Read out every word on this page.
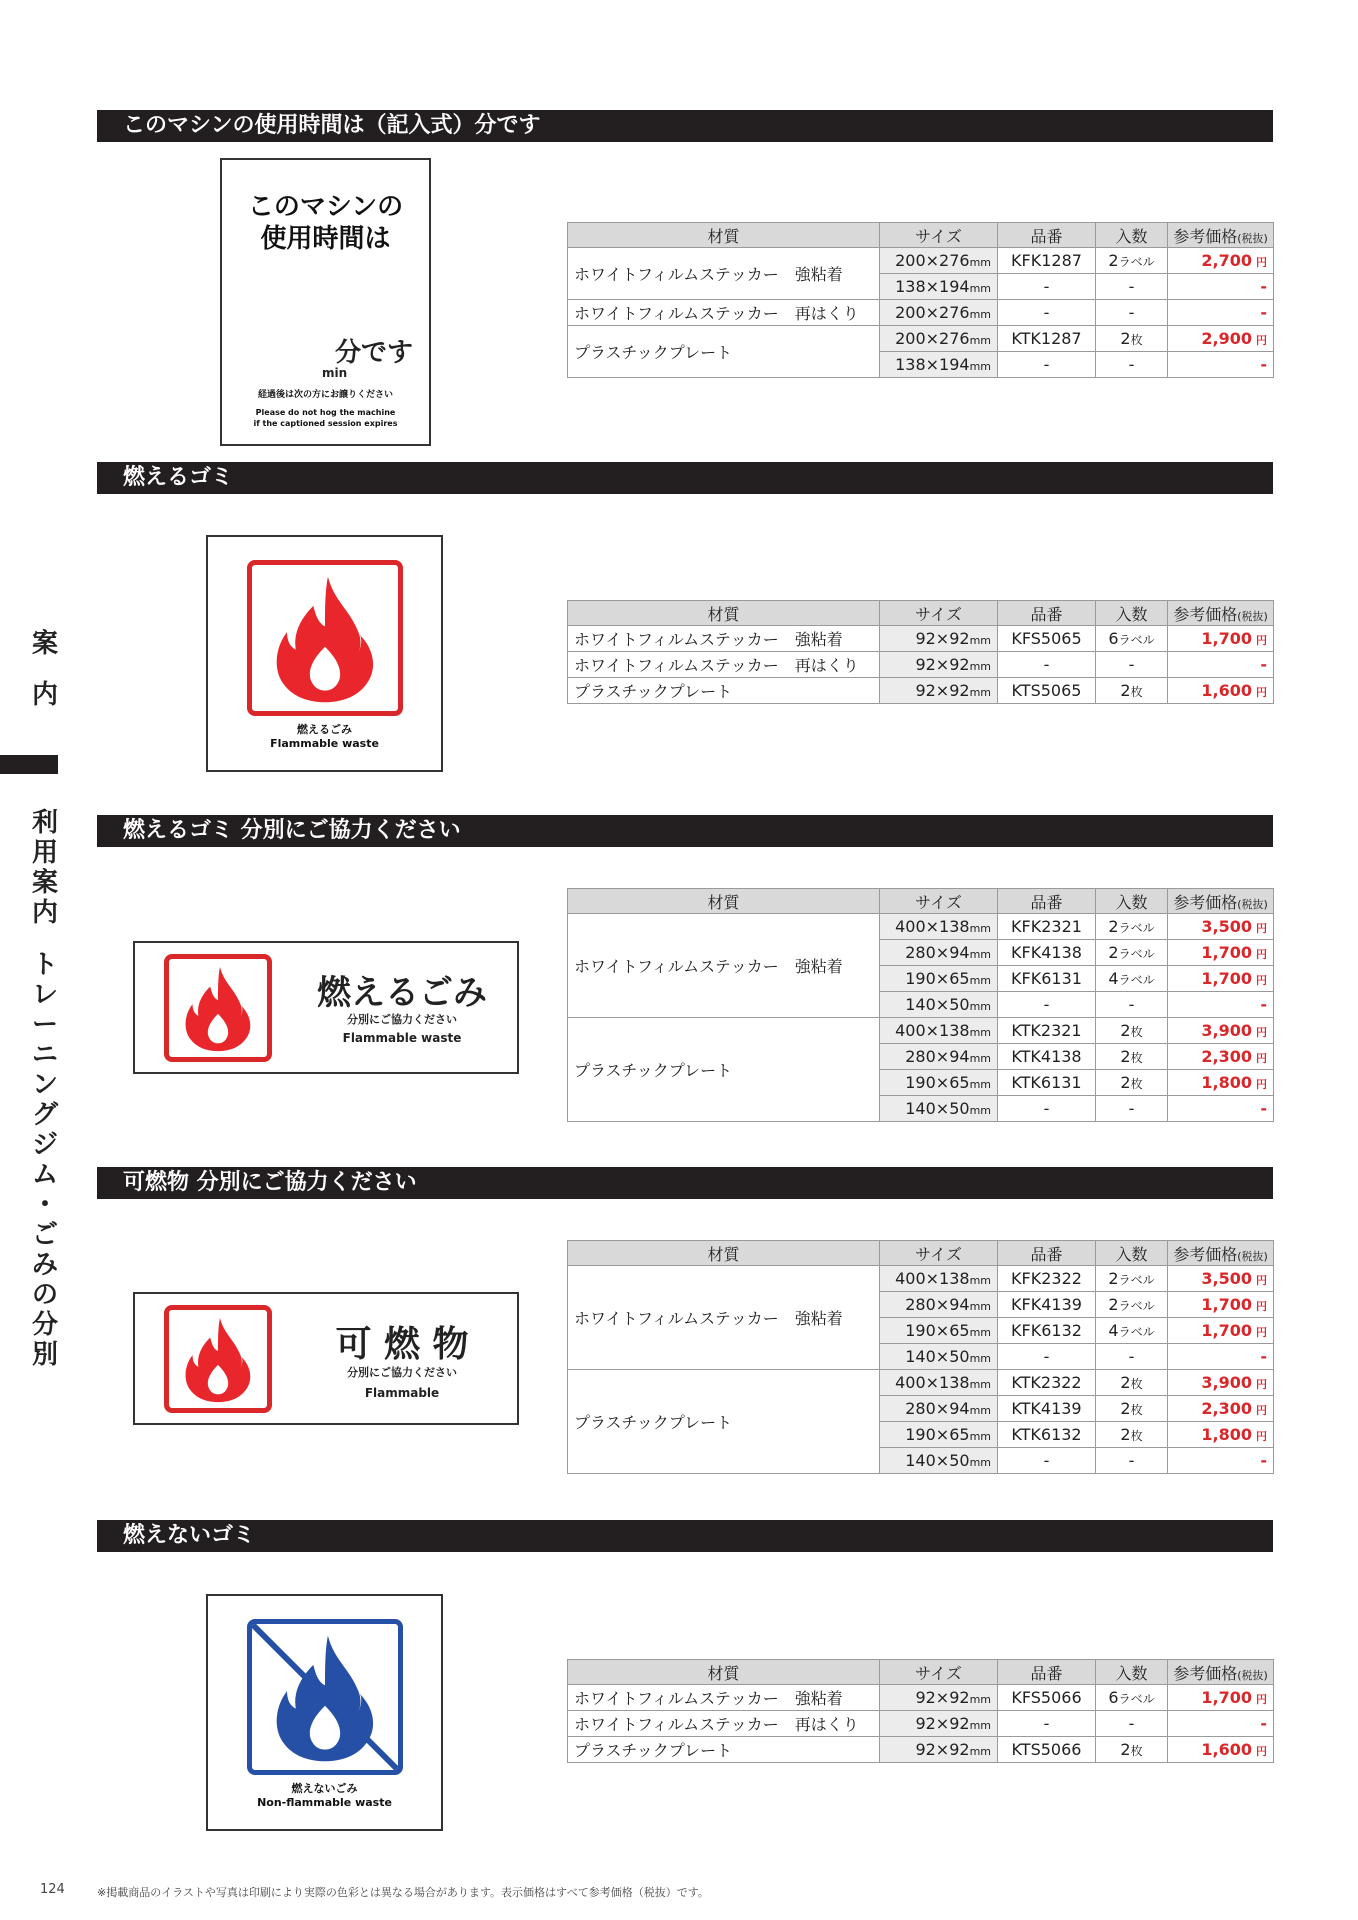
案
内
利
用
案
内
ト
レ
ー
ニ
ン
グ
ジ
ム
・
ご
み
の
分
別
このマシンの使用時間は（記入式）分です
このマシンの
使用時間は
分です
min
経過後は次の方にお譲りください
Please do not hog the machine
if the captioned session expires
材質	サイズ	品番	入数	参考価格(税抜)
ホワイトフィルムステッカー　強粘着	200×276mm	KFK1287	2ラベル	2,700 円
	138×194mm	-	-	-
ホワイトフィルムステッカー　再はくり	200×276mm	-	-	-
プラスチックプレート	200×276mm	KTK1287	2枚	2,900 円
	138×194mm	-	-	-
燃えるゴミ
燃えるごみ
Flammable waste
材質	サイズ	品番	入数	参考価格(税抜)
ホワイトフィルムステッカー　強粘着	92×92mm	KFS5065	6ラベル	1,700 円
ホワイトフィルムステッカー　再はくり	92×92mm	-	-	-
プラスチックプレート	92×92mm	KTS5065	2枚	1,600 円
燃えるゴミ 分別にご協力ください
燃えるごみ
分別にご協力ください
Flammable waste
材質	サイズ	品番	入数	参考価格(税抜)
ホワイトフィルムステッカー　強粘着	400×138mm	KFK2321	2ラベル	3,500 円
	280×94mm	KFK4138	2ラベル	1,700 円
	190×65mm	KFK6131	4ラベル	1,700 円
	140×50mm	-	-	-
プラスチックプレート	400×138mm	KTK2321	2枚	3,900 円
	280×94mm	KTK4138	2枚	2,300 円
	190×65mm	KTK6131	2枚	1,800 円
	140×50mm	-	-	-
可燃物 分別にご協力ください
可 燃 物
分別にご協力ください
Flammable
材質	サイズ	品番	入数	参考価格(税抜)
ホワイトフィルムステッカー　強粘着	400×138mm	KFK2322	2ラベル	3,500 円
	280×94mm	KFK4139	2ラベル	1,700 円
	190×65mm	KFK6132	4ラベル	1,700 円
	140×50mm	-	-	-
プラスチックプレート	400×138mm	KTK2322	2枚	3,900 円
	280×94mm	KTK4139	2枚	2,300 円
	190×65mm	KTK6132	2枚	1,800 円
	140×50mm	-	-	-
燃えないゴミ
燃えないごみ
Non-flammable waste
材質	サイズ	品番	入数	参考価格(税抜)
ホワイトフィルムステッカー　強粘着	92×92mm	KFS5066	6ラベル	1,700 円
ホワイトフィルムステッカー　再はくり	92×92mm	-	-	-
プラスチックプレート	92×92mm	KTS5066	2枚	1,600 円
124	※掲載商品のイラストや写真は印刷により実際の色彩とは異なる場合があります。表示価格はすべて参考価格（税抜）です。
